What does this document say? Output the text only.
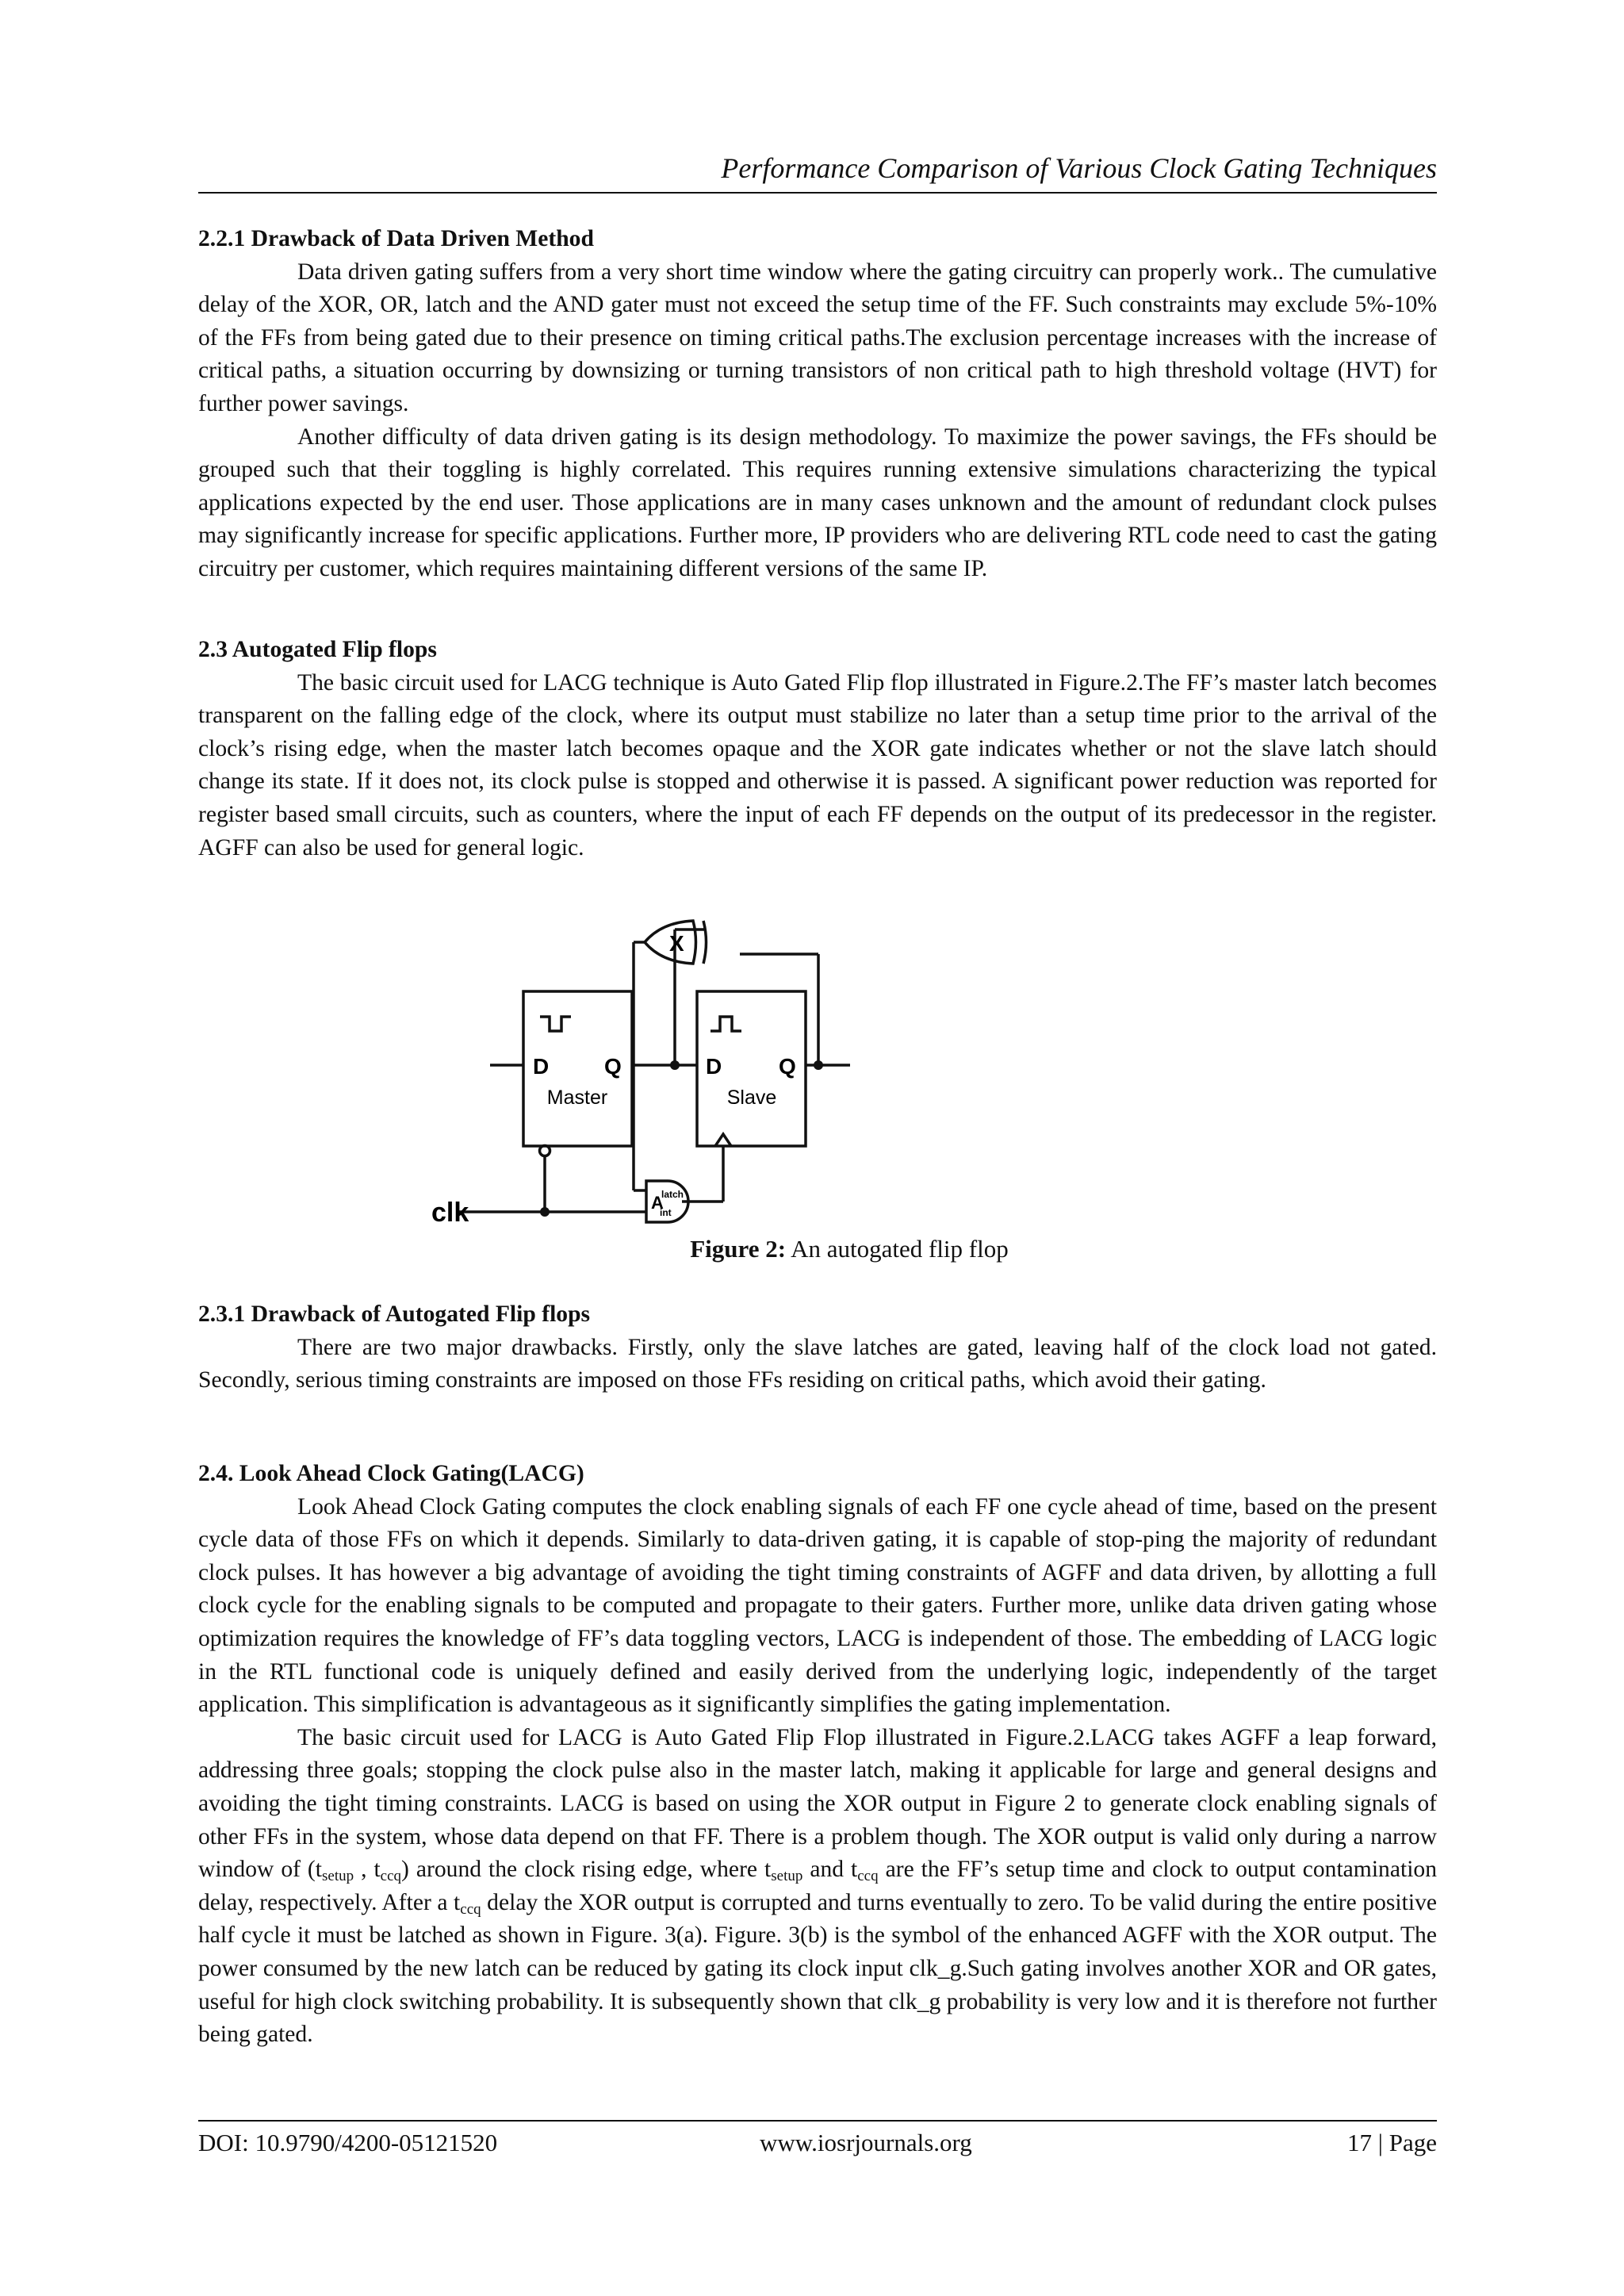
Performance Comparison of Various Clock Gating Techniques
2.2.1 Drawback of Data Driven Method

Data driven gating suffers from a very short time window where the gating circuitry can properly work.. The cumulative delay of the XOR, OR, latch and the AND gater must not exceed the setup time of the FF. Such constraints may exclude 5%-10% of the FFs from being gated due to their presence on timing critical paths.The exclusion percentage increases with the increase of critical paths, a situation occurring by downsizing or turning transistors of non critical path to high threshold voltage (HVT) for further power savings.

Another difficulty of data driven gating is its design methodology. To maximize the power savings, the FFs should be grouped such that their toggling is highly correlated. This requires running extensive simulations characterizing the typical applications expected by the end user. Those applications are in many cases unknown and the amount of redundant clock pulses may significantly increase for specific applications. Further more, IP providers who are delivering RTL code need to cast the gating circuitry per customer, which requires maintaining different versions of the same IP.

2.3 Autogated Flip flops

The basic circuit used for LACG technique is Auto Gated Flip flop illustrated in Figure.2.The FF’s master latch becomes transparent on the falling edge of the clock, where its output must stabilize no later than a setup time prior to the arrival of the clock’s rising edge, when the master latch becomes opaque and the XOR gate indicates whether or not the slave latch should change its state. If it does not, its clock pulse is stopped and otherwise it is passed. A significant power reduction was reported for register based small circuits, such as counters, where the input of each FF depends on the output of its predecessor in the register. AGFF can also be used for general logic.

X
D Q
Master
D	Q
Slave
A
latch
int
clk
Figure 2: An autogated flip flop
2.3.1 Drawback of Autogated Flip flops

There are two major drawbacks. Firstly, only the slave latches are gated, leaving half of the clock load not gated. Secondly, serious timing constraints are imposed on those FFs residing on critical paths, which avoid their gating.

2.4. Look Ahead Clock Gating(LACG)

Look Ahead Clock Gating computes the clock enabling signals of each FF one cycle ahead of time, based on the present cycle data of those FFs on which it depends. Similarly to data-driven gating, it is capable of stop-ping the majority of redundant clock pulses. It has however a big advantage of avoiding the tight timing constraints of AGFF and data driven, by allotting a full clock cycle for the enabling signals to be computed and propagate to their gaters. Further more, unlike data driven gating whose optimization requires the knowledge of FF’s data toggling vectors, LACG is independent of those. The embedding of LACG logic in the RTL functional code is uniquely defined and easily derived from the underlying logic, independently of the target application. This simplification is advantageous as it significantly simplifies the gating implementation.

The basic circuit used for LACG is Auto Gated Flip Flop illustrated in Figure.2.LACG takes AGFF a leap forward, addressing three goals; stopping the clock pulse also in the master latch, making it applicable for large and general designs and avoiding the tight timing constraints. LACG is based on using the XOR output in Figure 2 to generate clock enabling signals of other FFs in the system, whose data depend on that FF. There is a problem though. The XOR output is valid only during a narrow window of ($t_{setup}$ , $t_{ccq}$) around the clock rising edge, where $t_{setup}$ and $t_{ccq}$ are the FF’s setup time and clock to output contamination delay, respectively. After a $t_{ccq}$ delay the XOR output is corrupted and turns eventually to zero. To be valid during the entire positive half cycle it must be latched as shown in Figure. 3(a). Figure. 3(b) is the symbol of the enhanced AGFF with the XOR output. The power consumed by the new latch can be reduced by gating its clock input clk_g.Such gating involves another XOR and OR gates, useful for high clock switching probability. It is subsequently shown that clk_g probability is very low and it is therefore not further being gated.

DOI: 10.9790/4200-05121520	www.iosrjournals.org	17 | Page
